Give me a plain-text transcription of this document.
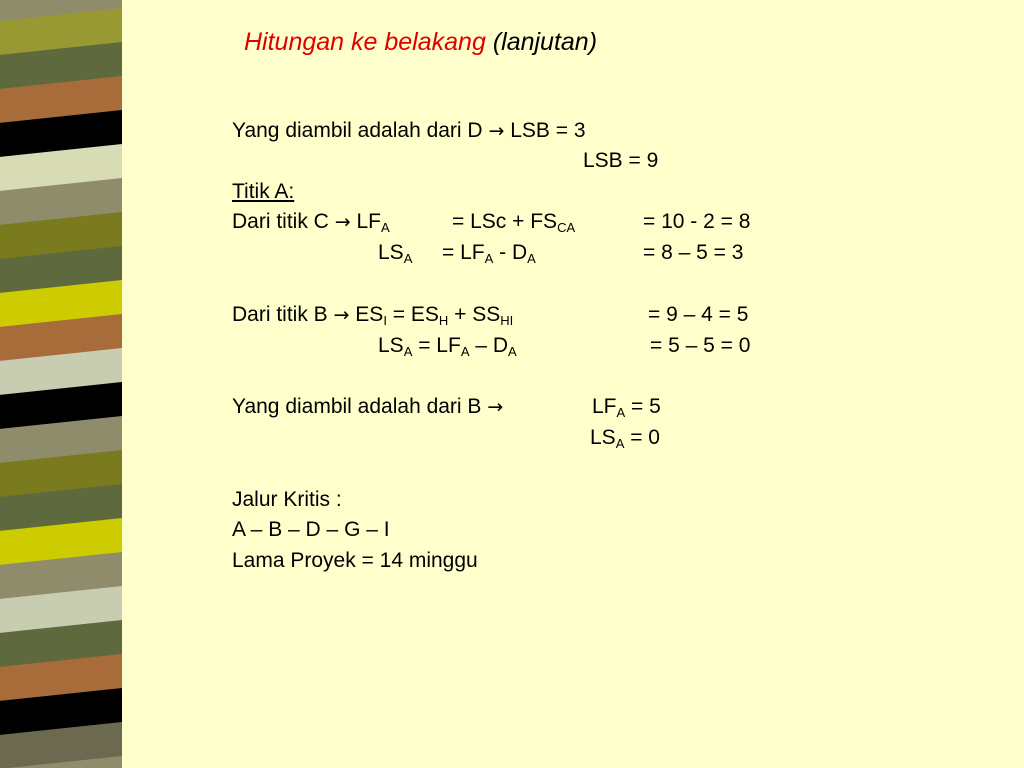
Hitungan ke belakang (lanjutan)
Yang diambil adalah dari D → LSB = 3
LSB = 9
Titik A:
Dari titik $C \to LF_A$	= LSc + $FS_{CA}$	= 10 - 2 = 8
$LS_A = LF_A - D_A$	= 8 – 5 = 3
Dari titik $B \to ES_I = ES_H + SS_{HI}$	= 9 – 4 = 5
$LS_A = LF_A - D_A$	= 5 – 5 = 0
Yang diambil adalah dari B →	$LF_A = 5$
$LS_A = 0$
Jalur Kritis :
A – B – D – G – I
Lama Proyek = 14 minggu
